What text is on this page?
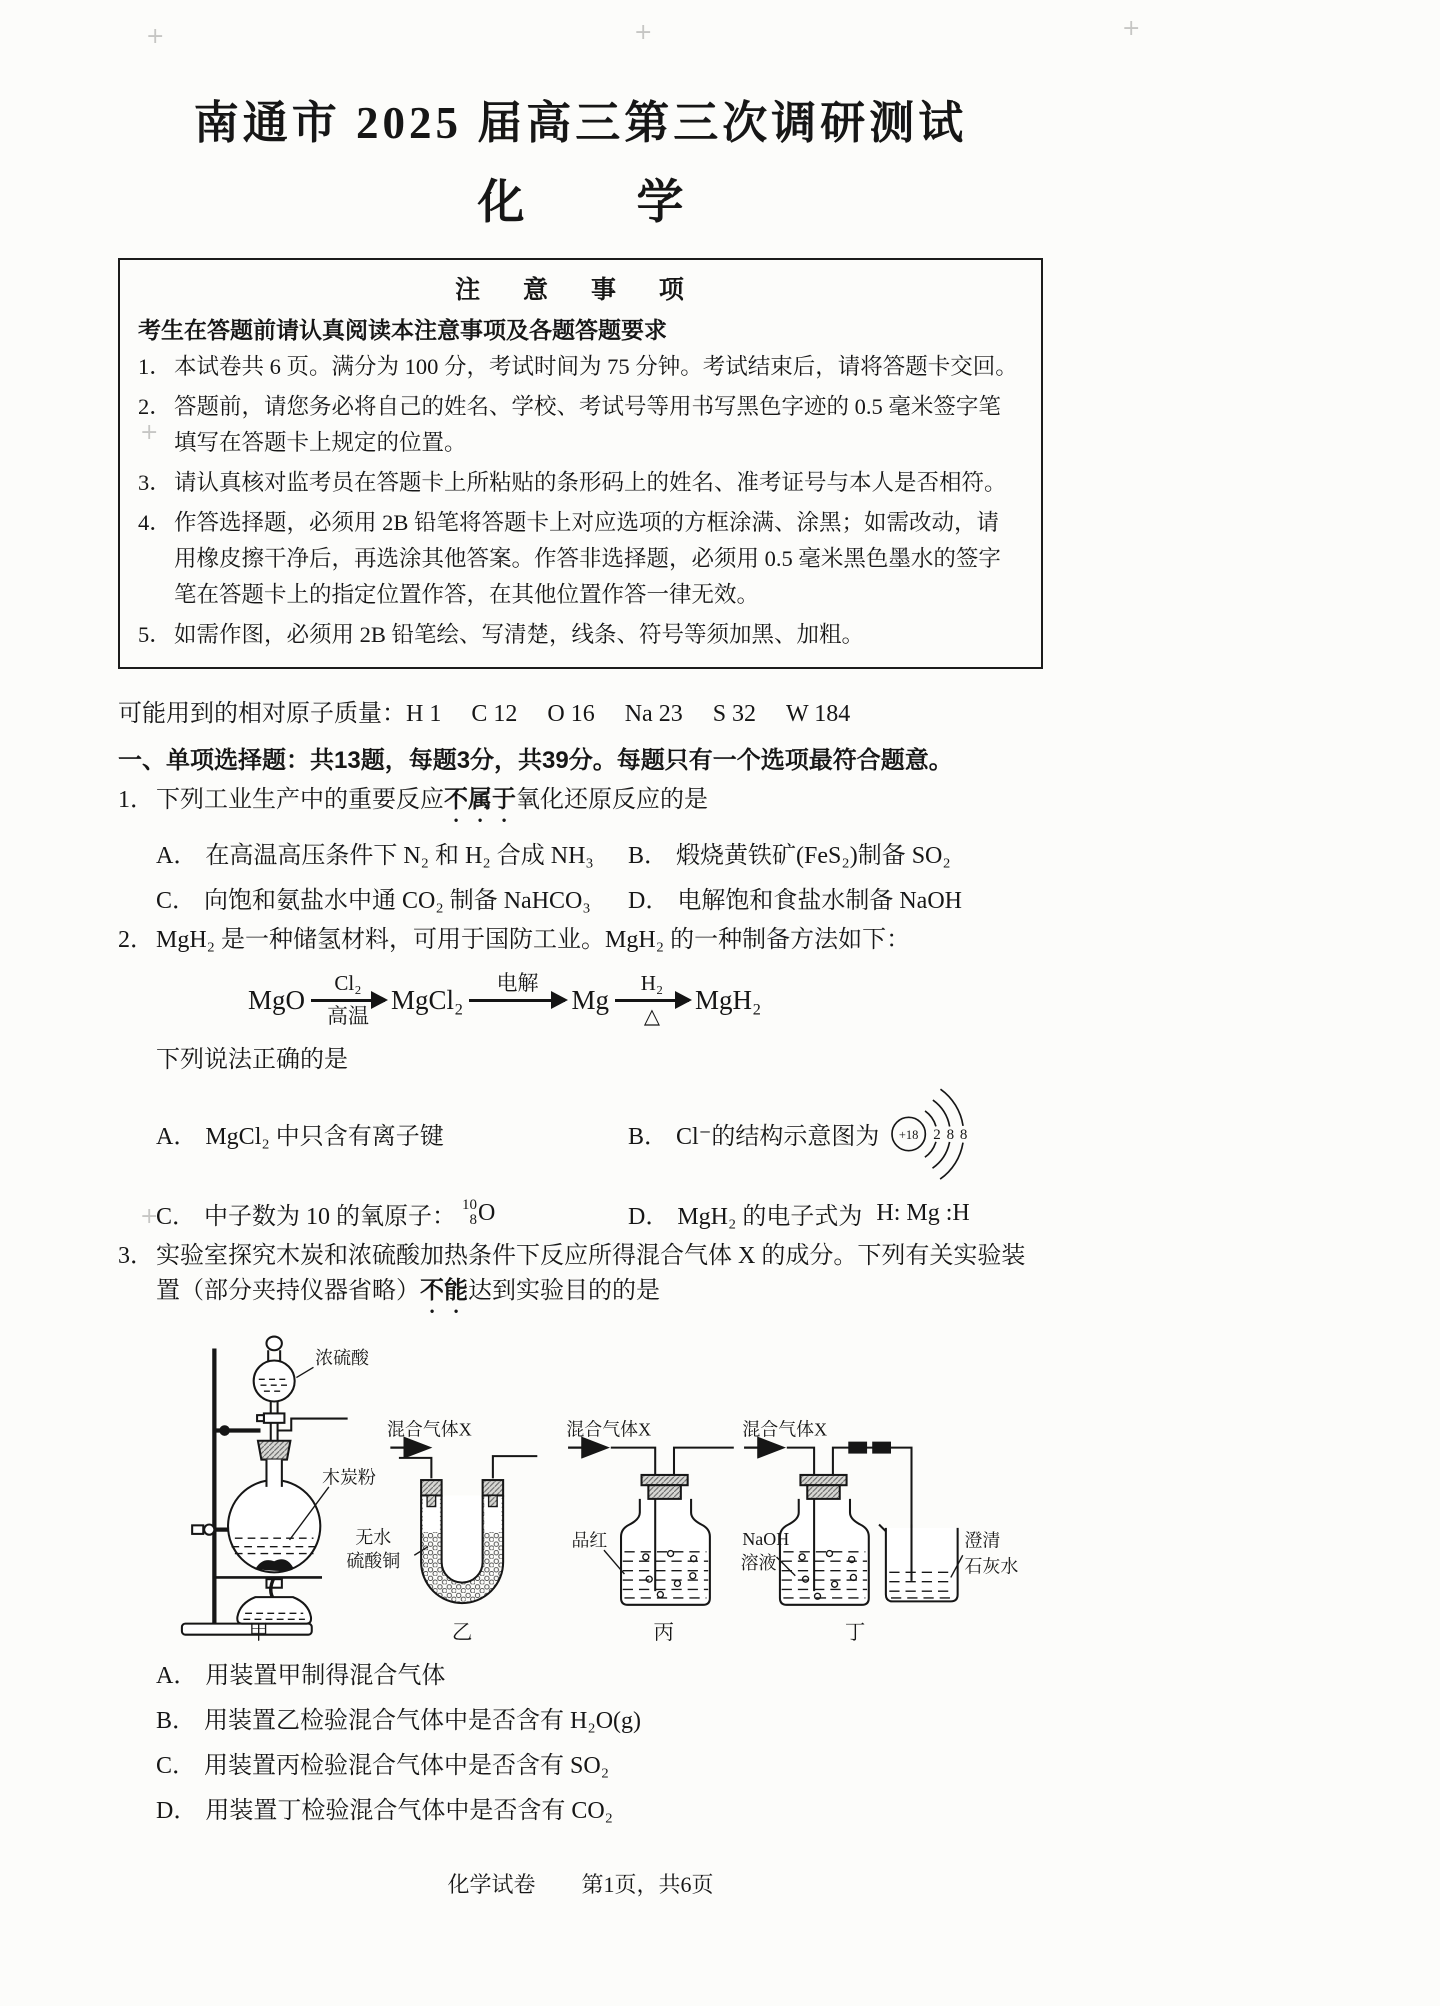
+	+	+
+
+
南通市 2025 届高三第三次调研测试
化 学
注 意 事 项
考生在答题前请认真阅读本注意事项及各题答题要求
1． 本试卷共 6 页。满分为 100 分，考试时间为 75 分钟。考试结束后，请将答题卡交回。
2． 答题前，请您务必将自己的姓名、学校、考试号等用书写黑色字迹的 0.5 毫米签字笔填写在答题卡上规定的位置。
3． 请认真核对监考员在答题卡上所粘贴的条形码上的姓名、准考证号与本人是否相符。
4． 作答选择题，必须用 2B 铅笔将答题卡上对应选项的方框涂满、涂黑；如需改动，请用橡皮擦干净后，再选涂其他答案。作答非选择题，必须用 0.5 毫米黑色墨水的签字笔在答题卡上的指定位置作答，在其他位置作答一律无效。
5． 如需作图，必须用 2B 铅笔绘、写清楚，线条、符号等须加黑、加粗。

可能用到的相对原子质量：H 1 C 12 O 16 Na 23 S 32 W 184

一、单项选择题：共13题，每题3分，共39分。每题只有一个选项最符合题意。
1． 下列工业生产中的重要反应不属于氧化还原反应的是

A． 在高温高压条件下 N₂ 和 H₂ 合成 NH₃ B． 煅烧黄铁矿(FeS₂)制备 SO₂
C． 向饱和氨盐水中通 CO₂ 制备 NaHCO₃ D． 电解饱和食盐水制备 NaOH
2． MgH₂ 是一种储氢材料，可用于国防工业。MgH₂ 的一种制备方法如下：

MgO
Cl₂
高温
MgCl₂
电解
Mg
H₂
△
MgH₂

下列说法正确的是

A． MgCl₂ 中只含有离子键	B． Cl⁻的结构示意图为 +18 2 8 8
C． 中子数为 10 的氧原子： 10
8 O	D． MgH₂ 的电子式为 H: Mg :H
3． 实验室探究木炭和浓硫酸加热条件下反应所得混合气体 X 的成分。下列有关实验装置（部分夹持仪器省略）不能达到实验目的的是

浓硫酸
木炭粉
甲
无水
硫酸铜
混合气体X
乙
混合气体X
品红
丙
混合气体X
NaOH
溶液
澄清
石灰水
丁
A． 用装置甲制得混合气体
B． 用装置乙检验混合气体中是否含有 H₂O(g)
C． 用装置丙检验混合气体中是否含有 SO₂
D． 用装置丁检验混合气体中是否含有 CO₂
化学试卷 第1页，共6页
